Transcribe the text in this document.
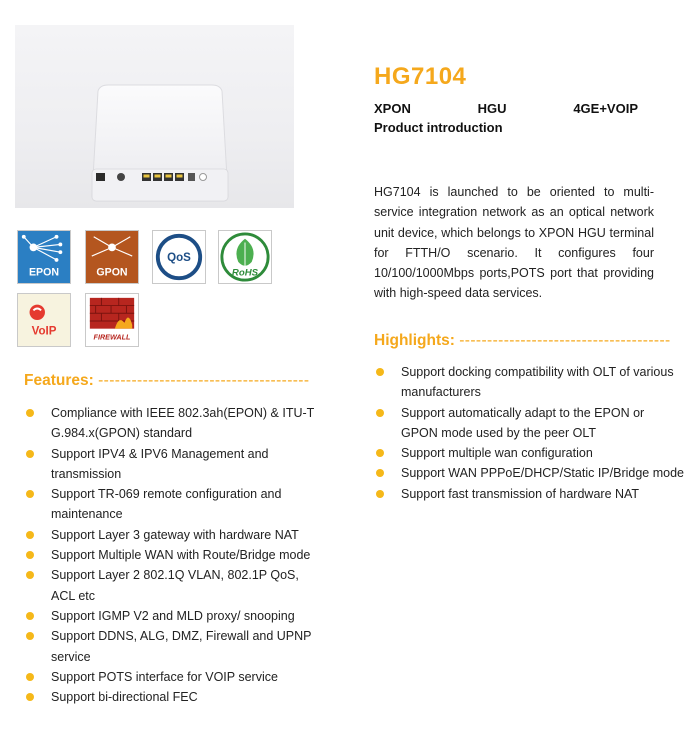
EPON	GPON
QoS
RoHS
VoIP	FIREWALL
HG7104
XPON	HGU	4GE+VOIP
Product introduction

HG7104 is launched to be oriented to multi-service integration network as an optical network unit device, which belongs to XPON HGU terminal for FTTH/O scenario. It configures four 10/100/1000Mbps ports,POTS port that providing with high-speed data services.

Highlights: --------------------------------------
Support docking compatibility with OLT of various manufacturers
Support automatically adapt to the EPON or GPON mode used by the peer OLT
Support multiple wan configuration
Support WAN PPPoE/DHCP/Static IP/Bridge mode
Support fast transmission of hardware NAT
Features: --------------------------------------
Compliance with IEEE 802.3ah(EPON) & ITU-T G.984.x(GPON) standard
Support IPV4 & IPV6 Management and transmission
Support TR-069 remote configuration and maintenance
Support Layer 3 gateway with hardware NAT
Support Multiple WAN with Route/Bridge mode
Support Layer 2 802.1Q VLAN, 802.1P QoS, ACL etc
Support IGMP V2 and MLD proxy/ snooping
Support DDNS, ALG, DMZ, Firewall and UPNP service
Support POTS interface for VOIP service
Support bi-directional FEC
